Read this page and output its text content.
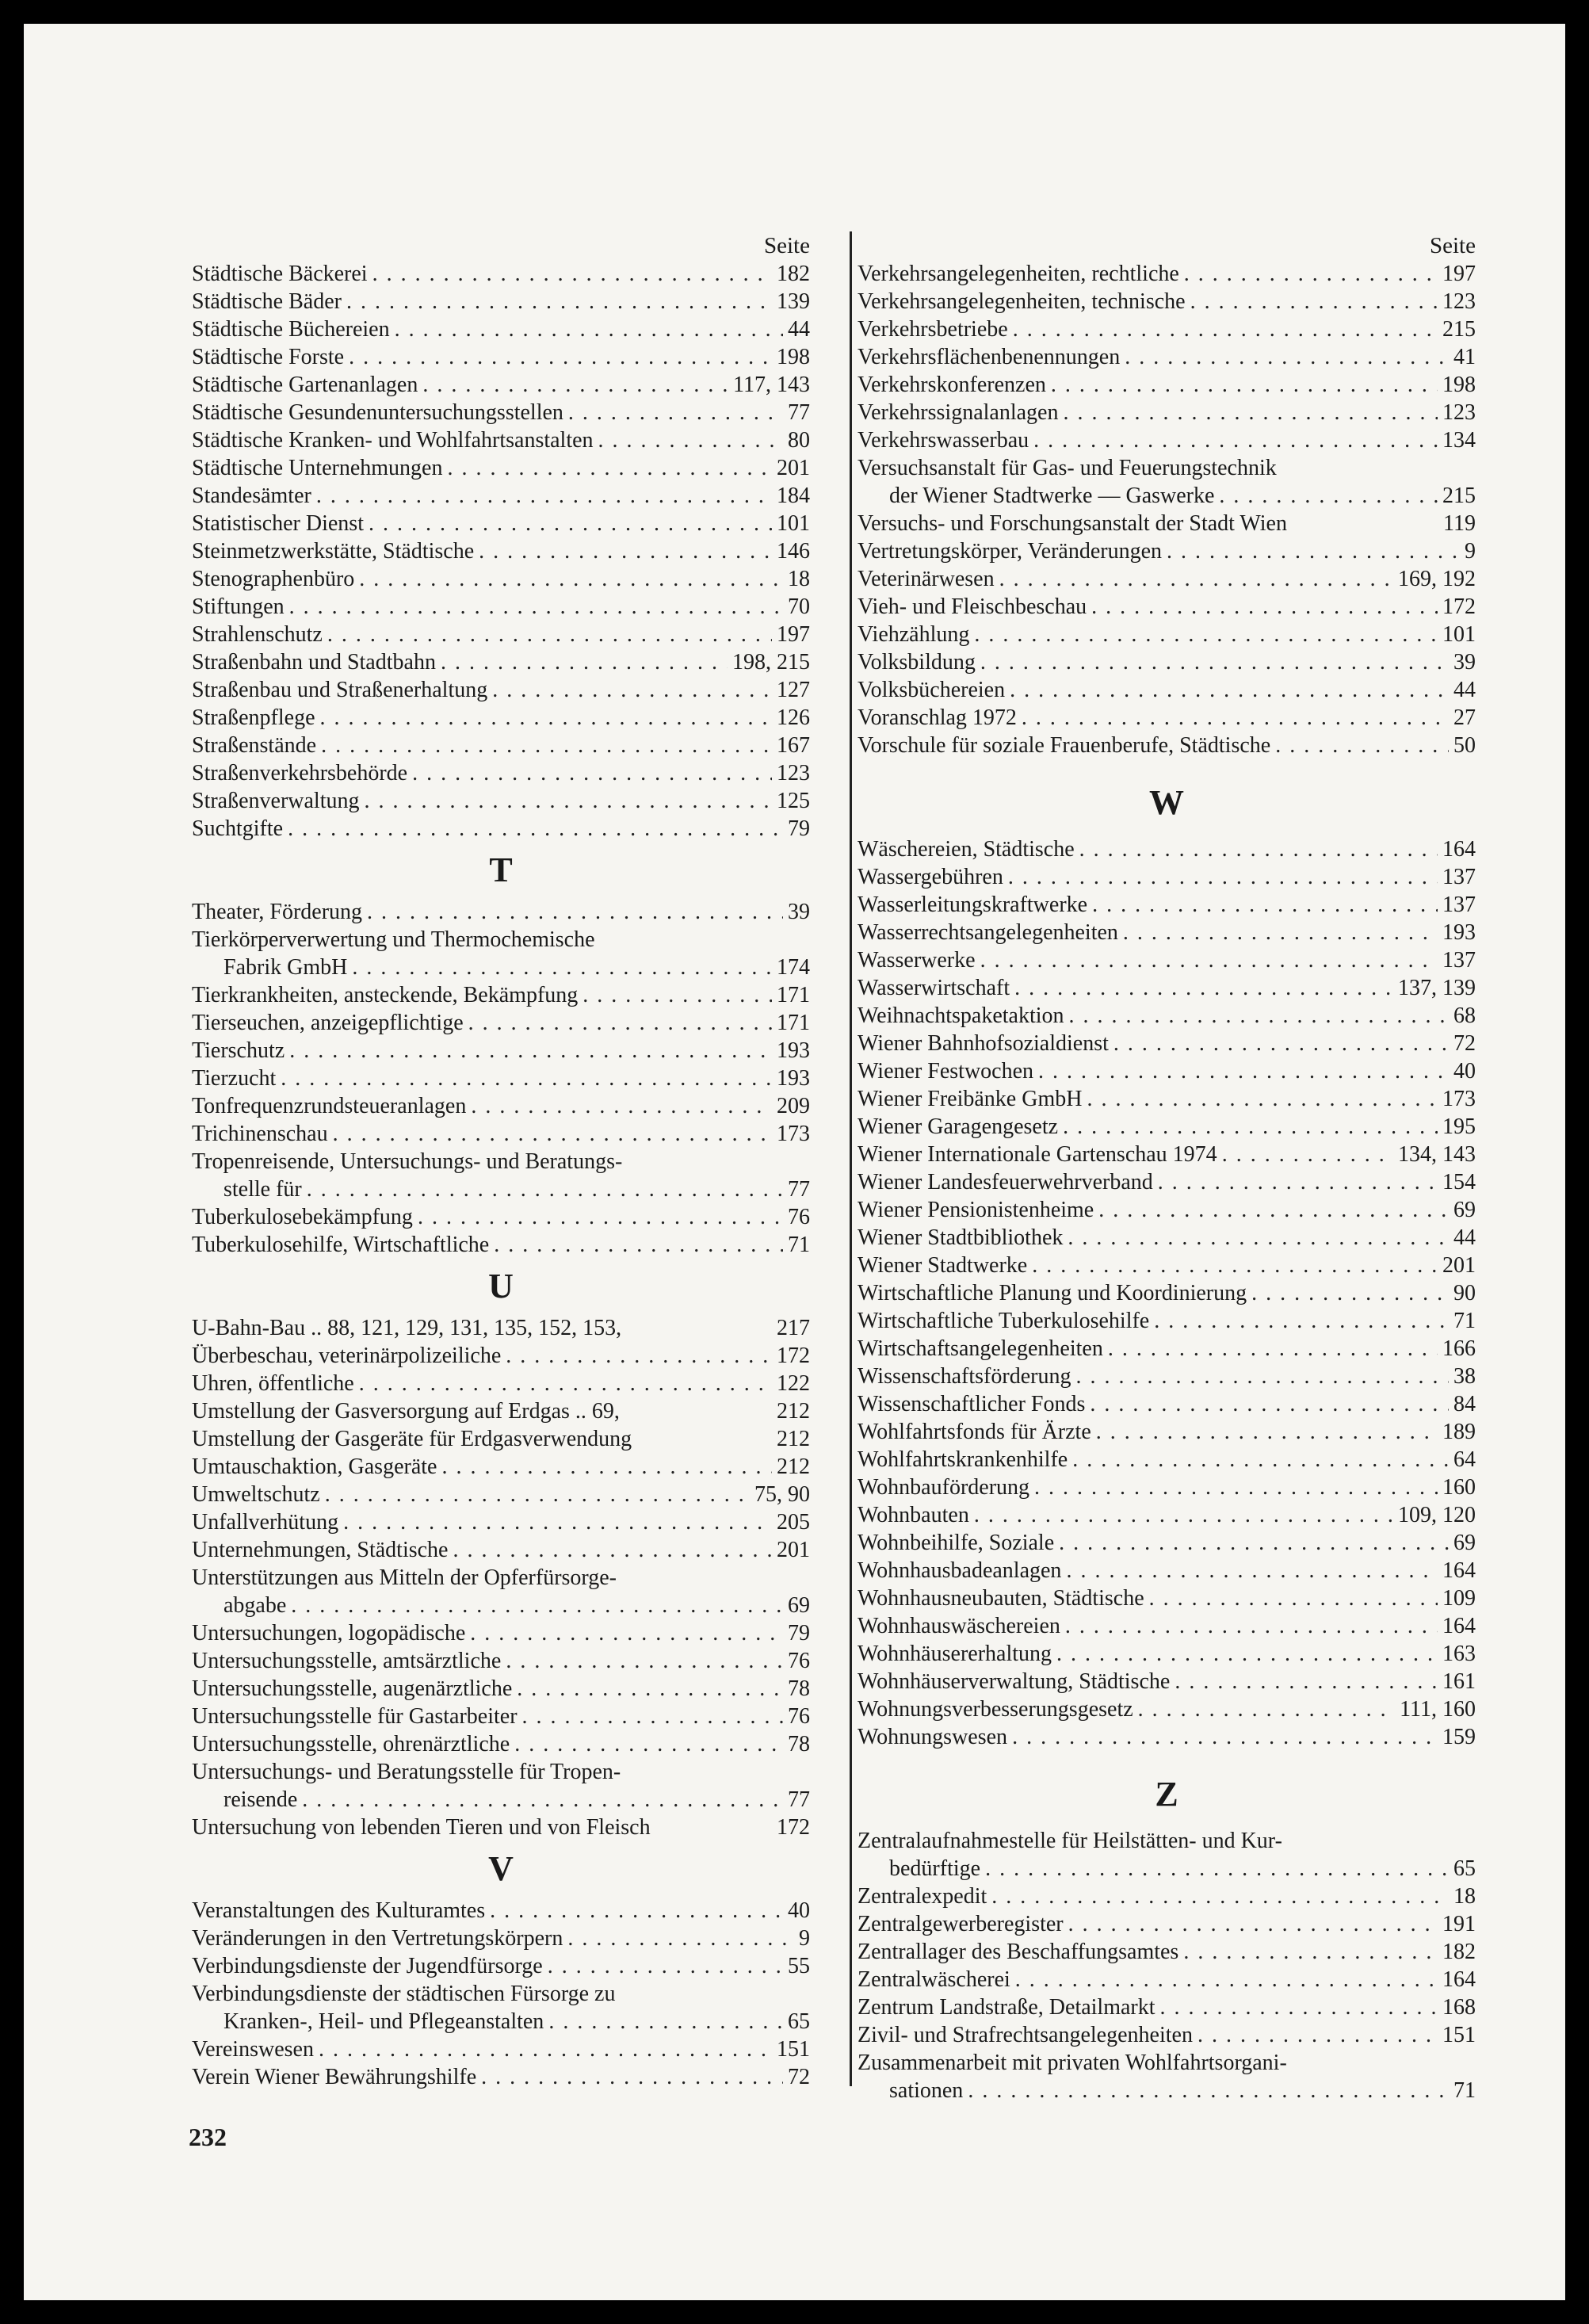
Seite
Städtische Bäckerei . . .	182
Städtische Bäder . . .	139
Städtische Büchereien . . .	44
Städtische Forste . . .	198
Städtische Gartenanlagen . . .	117, 143
Städtische Gesundenuntersuchungsstellen . . .	77
Städtische Kranken- und Wohlfahrtsanstalten . . .	80
Städtische Unternehmungen . . .	201
Standesämter . . .	184
Statistischer Dienst . . .	101
Steinmetzwerkstätte, Städtische . . .	146
Stenographenbüro . . .	18
Stiftungen . . .	70
Strahlenschutz . . .	197
Straßenbahn und Stadtbahn . . .	198, 215
Straßenbau und Straßenerhaltung . . .	127
Straßenpflege . . .	126
Straßenstände . . .	167
Straßenverkehrsbehörde . . .	123
Straßenverwaltung . . .	125
Suchtgifte . . .	79
T
Theater, Förderung . . .	39
Tierkörperverwertung und Thermochemische
Fabrik GmbH . . .	174
Tierkrankheiten, ansteckende, Bekämpfung . . .	171
Tierseuchen, anzeigepflichtige . . .	171
Tierschutz . . .	193
Tierzucht . . .	193
Tonfrequenzrundsteueranlagen . . .	209
Trichinenschau . . .	173
Tropenreisende, Untersuchungs- und Beratungs-
stelle für . . .	77
Tuberkulosebekämpfung . . .	76
Tuberkulosehilfe, Wirtschaftliche . . .	71
U
U-Bahn-Bau .. 88, 121, 129, 131, 135, 152, 153,	217
Überbeschau, veterinärpolizeiliche . . .	172
Uhren, öffentliche . . .	122
Umstellung der Gasversorgung auf Erdgas .. 69,	212
Umstellung der Gasgeräte für Erdgasverwendung	212
Umtauschaktion, Gasgeräte . . .	212
Umweltschutz . . .	75, 90
Unfallverhütung . . .	205
Unternehmungen, Städtische . . .	201
Unterstützungen aus Mitteln der Opferfürsorge-
abgabe . . .	69
Untersuchungen, logopädische . . .	79
Untersuchungsstelle, amtsärztliche . . .	76
Untersuchungsstelle, augenärztliche . . .	78
Untersuchungsstelle für Gastarbeiter . . .	76
Untersuchungsstelle, ohrenärztliche . . .	78
Untersuchungs- und Beratungsstelle für Tropen-
reisende . . .	77
Untersuchung von lebenden Tieren und von Fleisch	172
V
Veranstaltungen des Kulturamtes . . .	40
Veränderungen in den Vertretungskörpern . . .	9
Verbindungsdienste der Jugendfürsorge . . .	55
Verbindungsdienste der städtischen Fürsorge zu
Kranken-, Heil- und Pflegeanstalten . . .	65
Vereinswesen . . .	151
Verein Wiener Bewährungshilfe . . .	72
Seite
Verkehrsangelegenheiten, rechtliche . . .	197
Verkehrsangelegenheiten, technische . . .	123
Verkehrsbetriebe . . .	215
Verkehrsflächenbenennungen . . .	41
Verkehrskonferenzen . . .	198
Verkehrssignalanlagen . . .	123
Verkehrswasserbau . . .	134
Versuchsanstalt für Gas- und Feuerungstechnik
der Wiener Stadtwerke — Gaswerke . . .	215
Versuchs- und Forschungsanstalt der Stadt Wien	119
Vertretungskörper, Veränderungen . . .	9
Veterinärwesen . . .	169, 192
Vieh- und Fleischbeschau . . .	172
Viehzählung . . .	101
Volksbildung . . .	39
Volksbüchereien . . .	44
Voranschlag 1972 . . .	27
Vorschule für soziale Frauenberufe, Städtische . . .	50
W
Wäschereien, Städtische . . .	164
Wassergebühren . . .	137
Wasserleitungskraftwerke . . .	137
Wasserrechtsangelegenheiten . . .	193
Wasserwerke . . .	137
Wasserwirtschaft . . .	137, 139
Weihnachtspaketaktion . . .	68
Wiener Bahnhofsozialdienst . . .	72
Wiener Festwochen . . .	40
Wiener Freibänke GmbH . . .	173
Wiener Garagengesetz . . .	195
Wiener Internationale Gartenschau 1974 . . .	134, 143
Wiener Landesfeuerwehrverband . . .	154
Wiener Pensionistenheime . . .	69
Wiener Stadtbibliothek . . .	44
Wiener Stadtwerke . . .	201
Wirtschaftliche Planung und Koordinierung . . .	90
Wirtschaftliche Tuberkulosehilfe . . .	71
Wirtschaftsangelegenheiten . . .	166
Wissenschaftsförderung . . .	38
Wissenschaftlicher Fonds . . .	84
Wohlfahrtsfonds für Ärzte . . .	189
Wohlfahrtskrankenhilfe . . .	64
Wohnbauförderung . . .	160
Wohnbauten . . .	109, 120
Wohnbeihilfe, Soziale . . .	69
Wohnhausbadeanlagen . . .	164
Wohnhausneubauten, Städtische . . .	109
Wohnhauswäschereien . . .	164
Wohnhäusererhaltung . . .	163
Wohnhäuserverwaltung, Städtische . . .	161
Wohnungsverbesserungsgesetz . . .	111, 160
Wohnungswesen . . .	159
Z
Zentralaufnahmestelle für Heilstätten- und Kur-
bedürftige . . .	65
Zentralexpedit . . .	18
Zentralgewerberegister . . .	191
Zentrallager des Beschaffungsamtes . . .	182
Zentralwäscherei . . .	164
Zentrum Landstraße, Detailmarkt . . .	168
Zivil- und Strafrechtsangelegenheiten . . .	151
Zusammenarbeit mit privaten Wohlfahrtsorgani-
sationen . . .	71
232
